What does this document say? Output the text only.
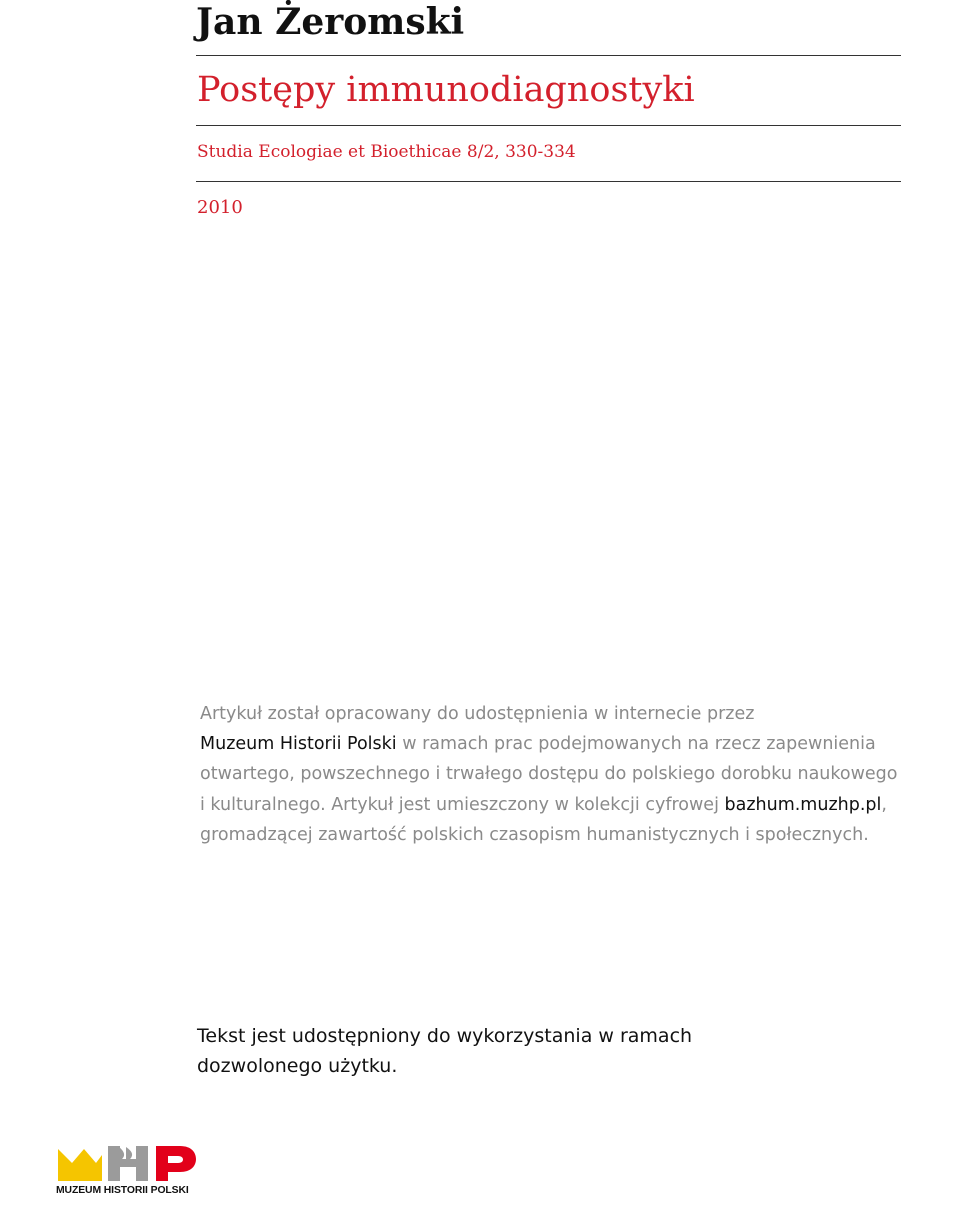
Jan Żeromski
Postępy immunodiagnostyki
Studia Ecologiae et Bioethicae 8/2, 330-334
2010

Artykuł został opracowany do udostępnienia w internecie przez
Muzeum Historii Polski w ramach prac podejmowanych na rzecz zapewnienia otwartego, powszechnego i trwałego dostępu do polskiego dorobku naukowego i kulturalnego. Artykuł jest umieszczony w kolekcji cyfrowej bazhum.muzhp.pl, gromadzącej zawartość polskich czasopism humanistycznych i społecznych.

Tekst jest udostępniony do wykorzystania w ramach dozwolonego użytku.

MUZEUM HISTORII POLSKI
